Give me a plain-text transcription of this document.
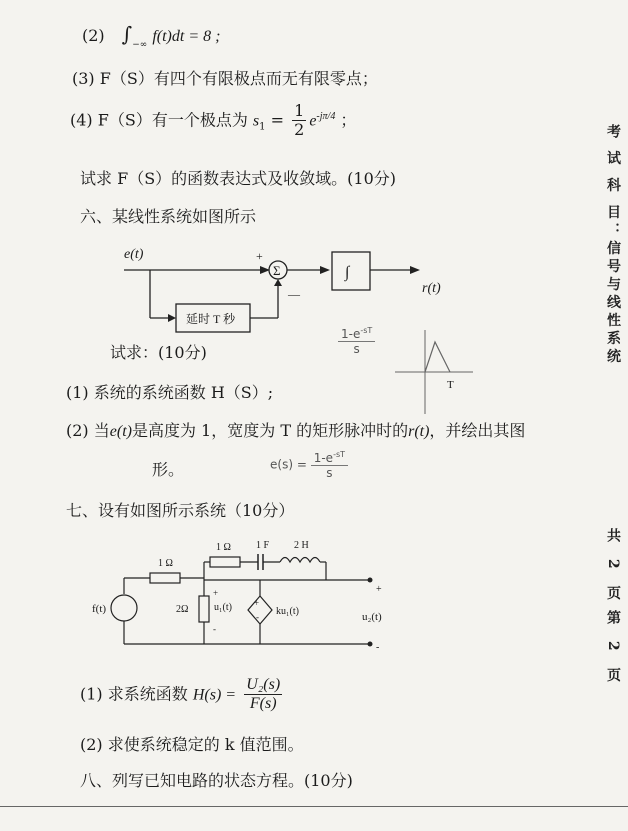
(2) $\int_{-\infty}$ f(t)dt = 8 ;
(3) F（S）有四个有限极点而无有限零点；
(4) F（S）有一个极点为 $s_1 = \frac{1}{2} e^{-j\pi/4}$ ；
试求 F（S）的函数表达式及收敛域。(10分)
六、某线性系统如图所示
e(t)
Σ
+
—
∫
r(t)
延时 T 秒
试求：(10分)
$1-e^{-sT}$
s
T
(1) 系统的系统函数 H（S）;
(2) 当e(t)是高度为 1，宽度为 T 的矩形脉冲时的r(t)，并绘出其图
形。	$e(s) = \frac{1-e^{-sT}}{s}$
七、设有如图所示系统（10分）
1 Ω
1 Ω	1 F 2 H
f(t)	2Ω	u₁(t)
+
-
+
- ku₁(t)
+
u₂(t)
-
(1) 求系统函数 $H(s) = \frac{\text{U₂(s)}}{F(s)}$
(2) 求使系统稳定的 k 值范围。
八、列写已知电路的状态方程。(10分)
考 试 科 目：信号与线性系统
共 2 页
第 2 页
